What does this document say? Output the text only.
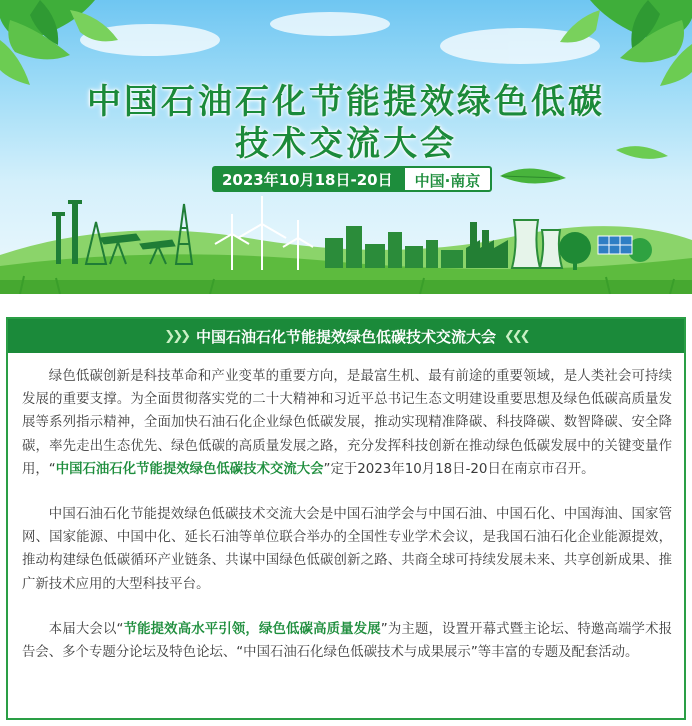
中国石油石化节能提效绿色低碳
技术交流大会
2023年10月18日-20日	中国·南京
❯❯❯ 中国石油石化节能提效绿色低碳技术交流大会 ❮❮❮

绿色低碳创新是科技革命和产业变革的重要方向，是最富生机、最有前途的重要领域，是人类社会可持续发展的重要支撑。为全面贯彻落实党的二十大精神和习近平总书记生态文明建设重要思想及绿色低碳高质量发展等系列指示精神，全面加快石油石化企业绿色低碳发展，推动实现精准降碳、科技降碳、数智降碳、安全降碳，率先走出生态优先、绿色低碳的高质量发展之路，充分发挥科技创新在推动绿色低碳发展中的关键变量作用，“中国石油石化节能提效绿色低碳技术交流大会”定于2023年10月18日-20日在南京市召开。

中国石油石化节能提效绿色低碳技术交流大会是中国石油学会与中国石油、中国石化、中国海油、国家管网、国家能源、中国中化、延长石油等单位联合举办的全国性专业学术会议，是我国石油石化企业能源提效，推动构建绿色低碳循环产业链条、共谋中国绿色低碳创新之路、共商全球可持续发展未来、共享创新成果、推广新技术应用的大型科技平台。

本届大会以“节能提效高水平引领，绿色低碳高质量发展”为主题，设置开幕式暨主论坛、特邀高端学术报告会、多个专题分论坛及特色论坛、“中国石油石化绿色低碳技术与成果展示”等丰富的专题及配套活动。
